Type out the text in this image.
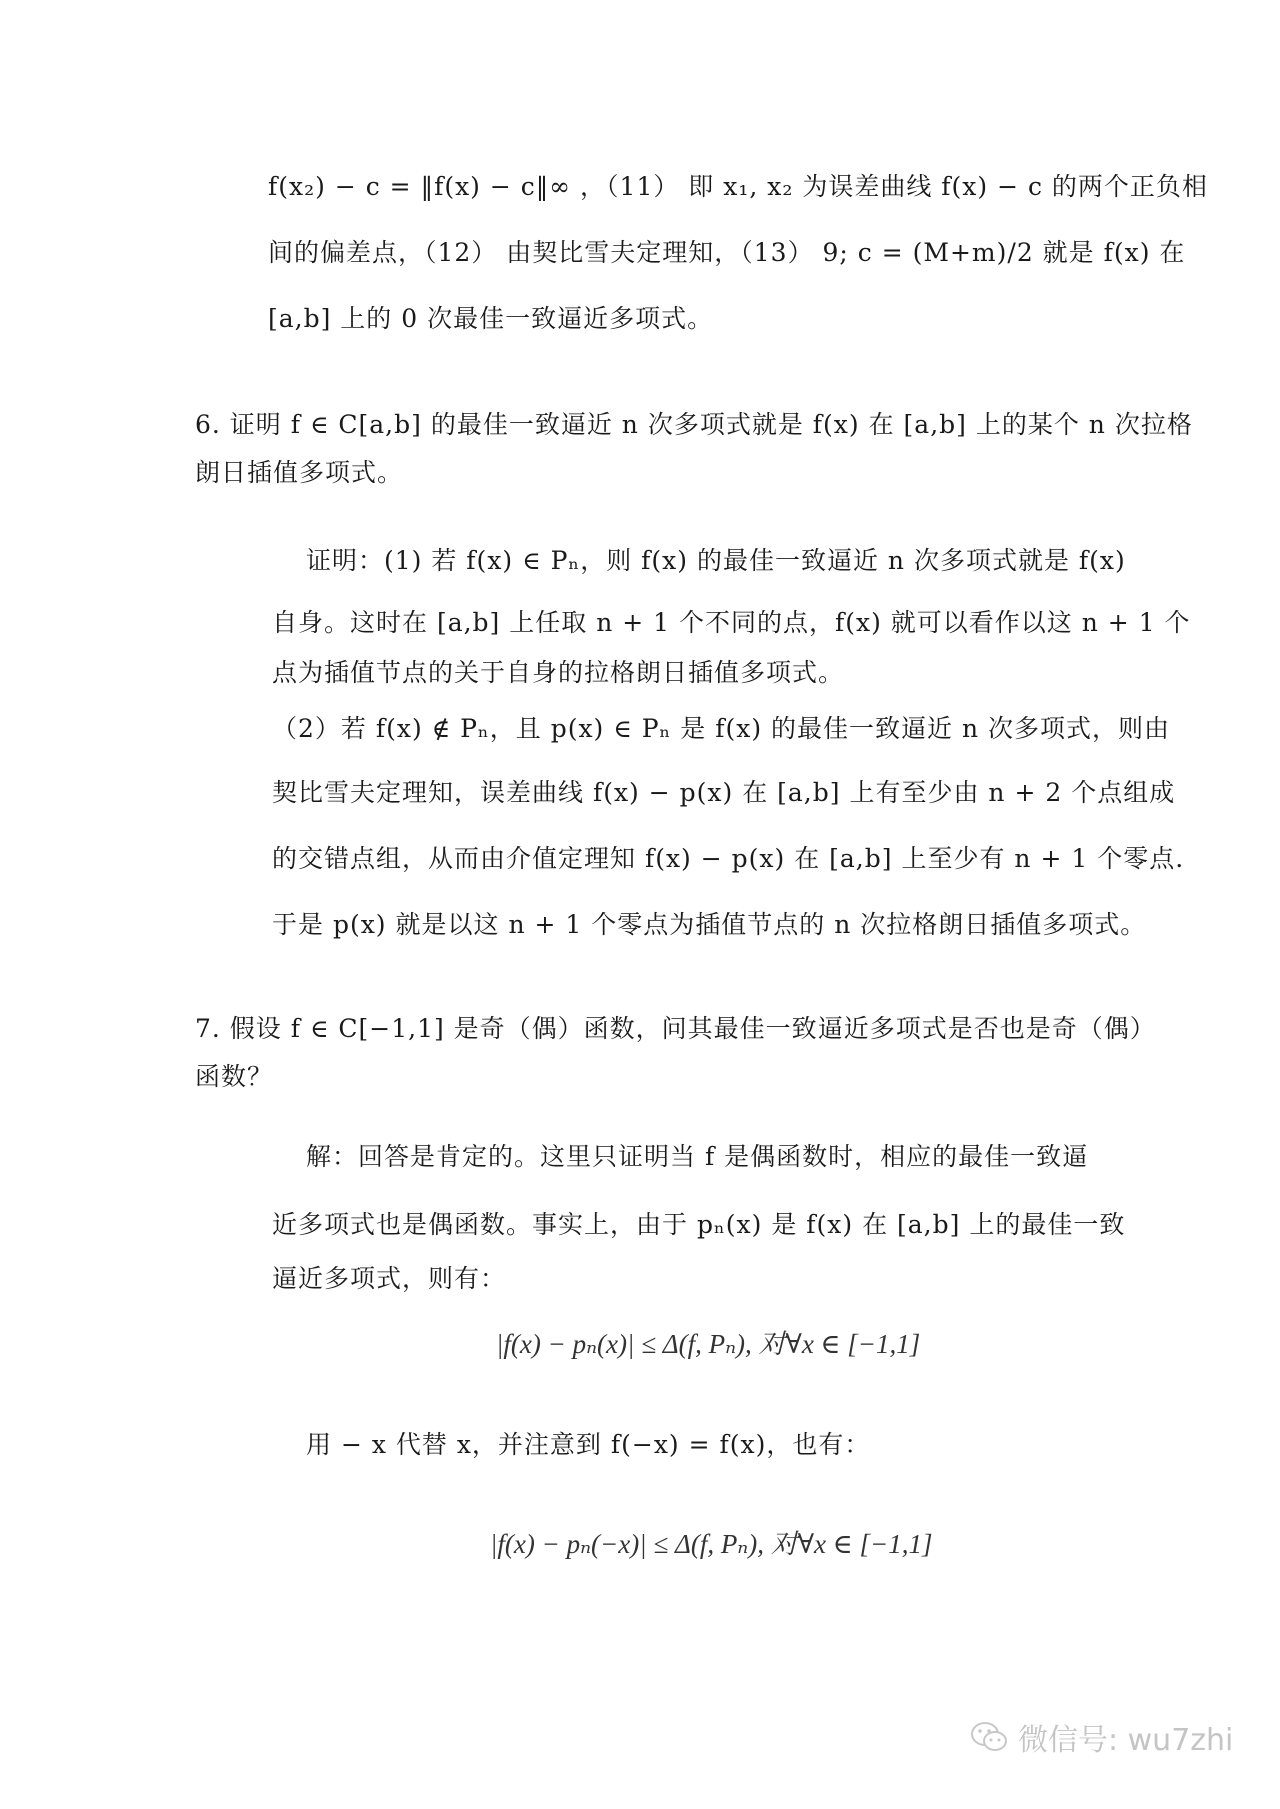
f(x₂) − c = ‖f(x) − c‖∞ ，（11） 即 x₁, x₂ 为误差曲线 f(x) − c 的两个正负相
间的偏差点，（12） 由契比雪夫定理知，（13） 9; c = (M+m)/2 就是 f(x) 在
[a,b] 上的 0 次最佳一致逼近多项式。
6. 证明 f ∈ C[a,b] 的最佳一致逼近 n 次多项式就是 f(x) 在 [a,b] 上的某个 n 次拉格
朗日插值多项式。
证明：(1) 若 f(x) ∈ Pₙ，则 f(x) 的最佳一致逼近 n 次多项式就是 f(x)
自身。这时在 [a,b] 上任取 n + 1 个不同的点，f(x) 就可以看作以这 n + 1 个
点为插值节点的关于自身的拉格朗日插值多项式。
（2）若 f(x) ∉ Pₙ，且 p(x) ∈ Pₙ 是 f(x) 的最佳一致逼近 n 次多项式，则由
契比雪夫定理知，误差曲线 f(x) − p(x) 在 [a,b] 上有至少由 n + 2 个点组成
的交错点组，从而由介值定理知 f(x) − p(x) 在 [a,b] 上至少有 n + 1 个零点.
于是 p(x) 就是以这 n + 1 个零点为插值节点的 n 次拉格朗日插值多项式。
7. 假设 f ∈ C[−1,1] 是奇（偶）函数，问其最佳一致逼近多项式是否也是奇（偶）
函数？
解：回答是肯定的。这里只证明当 f 是偶函数时，相应的最佳一致逼
近多项式也是偶函数。事实上，由于 pₙ(x) 是 f(x) 在 [a,b] 上的最佳一致
逼近多项式，则有：
|f(x) − pₙ(x)| ≤ Δ(f, Pₙ), 对∀x ∈ [−1,1]
用 − x 代替 x，并注意到 f(−x) = f(x)，也有：
|f(x) − pₙ(−x)| ≤ Δ(f, Pₙ), 对∀x ∈ [−1,1]
微信号: wu7zhi
